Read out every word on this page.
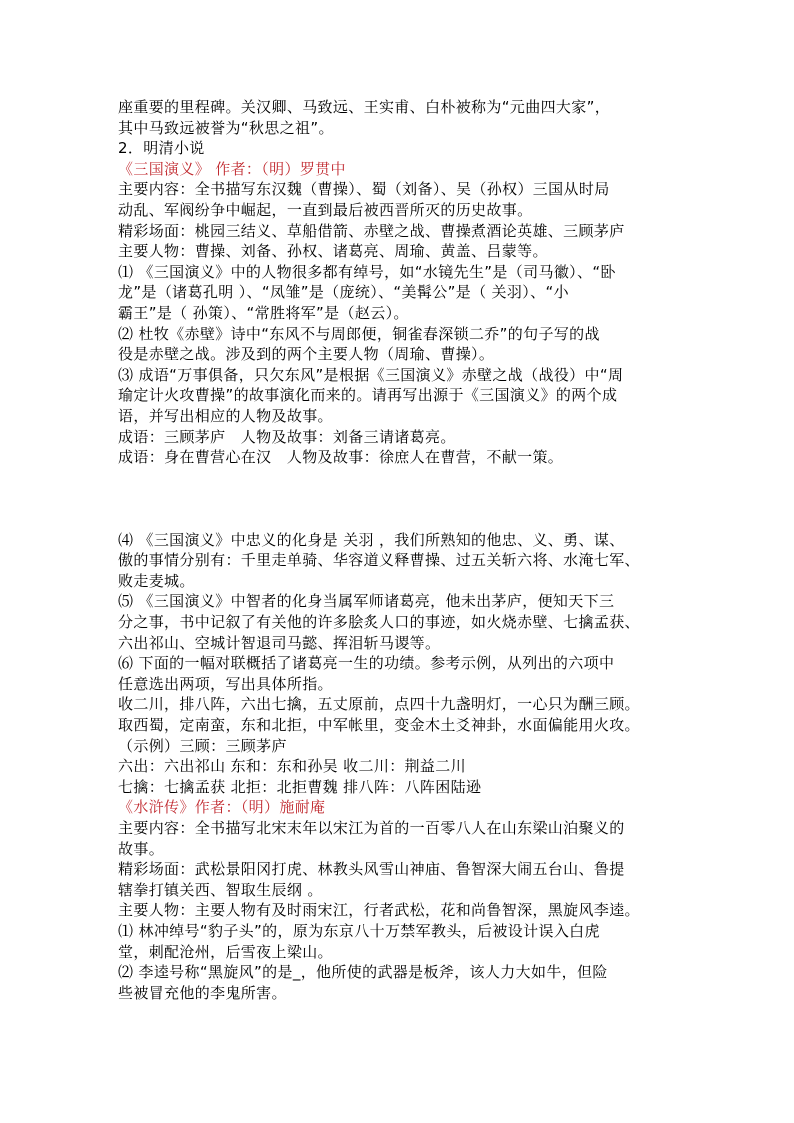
座重要的里程碑。关汉卿、马致远、王实甫、白朴被称为“元曲四大家”，
其中马致远被誉为“秋思之祖”。
2．明清小说
《三国演义》 作者：（明）罗贯中
主要内容：全书描写东汉魏（曹操）、蜀（刘备）、吴（孙权）三国从时局
动乱、军阀纷争中崛起，一直到最后被西晋所灭的历史故事。
精彩场面：桃园三结义、草船借箭、赤壁之战、曹操煮酒论英雄、三顾茅庐
主要人物：曹操、刘备、孙权、诸葛亮、周瑜、黄盖、吕蒙等。
⑴ 《三国演义》中的人物很多都有绰号，如“水镜先生”是（司马徽）、“卧
龙”是（诸葛孔明 ）、“凤雏”是（庞统）、“美髯公”是（ 关羽）、“小
霸王”是（ 孙策）、“常胜将军”是（赵云）。
⑵ 杜牧《赤壁》诗中“东风不与周郎便，铜雀春深锁二乔”的句子写的战
役是赤壁之战。涉及到的两个主要人物（周瑜、曹操）。
⑶ 成语“万事俱备，只欠东风”是根据《三国演义》赤壁之战（战役）中“周
瑜定计火攻曹操”的故事演化而来的。请再写出源于《三国演义》的两个成
语，并写出相应的人物及故事。
成语：三顾茅庐　人物及故事：刘备三请诸葛亮。
成语：身在曹营心在汉　人物及故事：徐庶人在曹营，不献一策。
⑷ 《三国演义》中忠义的化身是 关羽 ，我们所熟知的他忠、义、勇、谋、
傲的事情分别有：千里走单骑、华容道义释曹操、过五关斩六将、水淹七军、
败走麦城。
⑸ 《三国演义》中智者的化身当属军师诸葛亮，他未出茅庐，便知天下三
分之事，书中记叙了有关他的许多脍炙人口的事迹，如火烧赤壁、七擒孟获、
六出祁山、空城计智退司马懿、挥泪斩马谡等。
⑹ 下面的一幅对联概括了诸葛亮一生的功绩。参考示例，从列出的六项中
任意选出两项，写出具体所指。
收二川，排八阵，六出七擒，五丈原前，点四十九盏明灯，一心只为酬三顾。
取西蜀，定南蛮，东和北拒，中军帐里，变金木土爻神卦，水面偏能用火攻。
（示例）三顾：三顾茅庐
六出：六出祁山 东和：东和孙吴 收二川：荆益二川
七擒：七擒孟获 北拒：北拒曹魏 排八阵：八阵困陆逊
《水浒传》作者：（明）施耐庵
主要内容：全书描写北宋末年以宋江为首的一百零八人在山东梁山泊聚义的
故事。
精彩场面：武松景阳冈打虎、林教头风雪山神庙、鲁智深大闹五台山、鲁提
辖拳打镇关西、智取生辰纲 。
主要人物：主要人物有及时雨宋江，行者武松，花和尚鲁智深，黑旋风李逵。
⑴ 林冲绰号“豹子头”的，原为东京八十万禁军教头，后被设计误入白虎
堂，刺配沧州，后雪夜上梁山。
⑵ 李逵号称“黑旋风”的是_，他所使的武器是板斧，该人力大如牛，但险
些被冒充他的李鬼所害。
